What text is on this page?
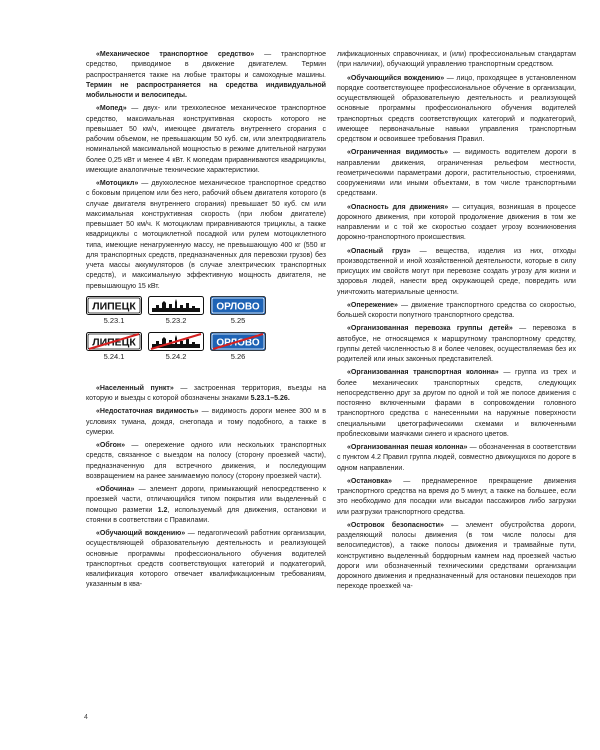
«Механическое транспортное средство» — транспортное средство, приводимое в движение двигателем. Термин распространяется также на любые тракторы и самоходные машины. Термин не распространяется на средства индивидуальной мобильности и велосипеды.

«Мопед» — двух- или трехколесное механическое транспортное средство, максимальная конструктивная скорость которого не превышает 50 км/ч, имеющее двигатель внутреннего сгорания с рабочим объемом, не превышающим 50 куб. см, или электродвигатель номинальной максимальной мощностью в режиме длительной нагрузки более 0,25 кВт и менее 4 кВт. К мопедам приравниваются квадрициклы, имеющие аналогичные технические характеристики.

«Мотоцикл» — двухколесное механическое транспортное средство с боковым прицепом или без него, рабочий объем двигателя которого (в случае двигателя внутреннего сгорания) превышает 50 куб. см или максимальная конструктивная скорость (при любом двигателе) превышает 50 км/ч. К мотоциклам приравниваются трициклы, а также квадрициклы с мотоциклетной посадкой или рулем мотоциклетного типа, имеющие ненагруженную массу, не превышающую 400 кг (550 кг для транспортных средств, предназначенных для перевозки грузов) без учета массы аккумуляторов (в случае электрических транспортных средств), и максимальную эффективную мощность двигателя, не превышающую 15 кВт.

ЛИПЕЦК
5.23.1	5.23.2
ОРЛОВО
5.25
ЛИПЕЦК
5.24.1	5.24.2
ОРЛОВО
5.26

«Населенный пункт» — застроенная территория, въезды на которую и выезды с которой обозначены знаками 5.23.1–5.26.

«Недостаточная видимость» — видимость дороги менее 300 м в условиях тумана, дождя, снегопада и тому подобного, а также в сумерки.

«Обгон» — опережение одного или нескольких транспортных средств, связанное с выездом на полосу (сторону проезжей части), предназначенную для встречного движения, и последующим возвращением на ранее занимаемую полосу (сторону проезжей части).

«Обочина» — элемент дороги, примыкающий непосредственно к проезжей части, отличающийся типом покрытия или выделенный с помощью разметки 1.2, используемый для движения, остановки и стоянки в соответствии с Правилами.

«Обучающий вождению» — педагогический работник организации, осуществляющей образовательную деятельность и реализующей основные программы профессионального обучения водителей транспортных средств соответствующих категорий и подкатегорий, квалификация которого отвечает квалификационным требованиям, указанным в ква-

лификационных справочниках, и (или) профессиональным стандартам (при наличии), обучающий управлению транспортным средством.

«Обучающийся вождению» — лицо, проходящее в установленном порядке соответствующее профессиональное обучение в организации, осуществляющей образовательную деятельность и реализующей основные программы профессионального обучения водителей транспортных средств соответствующих категорий и подкатегорий, имеющее первоначальные навыки управления транспортным средством и освоившее требования Правил.

«Ограниченная видимость» — видимость водителем дороги в направлении движения, ограниченная рельефом местности, геометрическими параметрами дороги, растительностью, строениями, сооружениями или иными объектами, в том числе транспортными средствами.

«Опасность для движения» — ситуация, возникшая в процессе дорожного движения, при которой продолжение движения в том же направлении и с той же скоростью создает угрозу возникновения дорожно-транспортного происшествия.

«Опасный груз» — вещества, изделия из них, отходы производственной и иной хозяйственной деятельности, которые в силу присущих им свойств могут при перевозке создать угрозу для жизни и здоровья людей, нанести вред окружающей среде, повредить или уничтожить материальные ценности.

«Опережение» — движение транспортного средства со скоростью, большей скорости попутного транспортного средства.

«Организованная перевозка группы детей» — перевозка в автобусе, не относящемся к маршрутному транспортному средству, группы детей численностью 8 и более человек, осуществляемая без их родителей или иных законных представителей.

«Организованная транспортная колонна» — группа из трех и более механических транспортных средств, следующих непосредственно друг за другом по одной и той же полосе движения с постоянно включенными фарами в сопровождении головного транспортного средства с нанесенными на наружные поверхности специальными цветографическими схемами и включенными проблесковыми маячками синего и красного цветов.

«Организованная пешая колонна» — обозначенная в соответствии с пунктом 4.2 Правил группа людей, совместно движущихся по дороге в одном направлении.

«Остановка» — преднамеренное прекращение движения транспортного средства на время до 5 минут, а также на большее, если это необходимо для посадки или высадки пассажиров либо загрузки или разгрузки транспортного средства.

«Островок безопасности» — элемент обустройства дороги, разделяющий полосы движения (в том числе полосы для велосипедистов), а также полосы движения и трамвайные пути, конструктивно выделенный бордюрным камнем над проезжей частью дороги или обозначенный техническими средствами организации дорожного движения и предназначенный для остановки пешеходов при переходе проезжей ча-

4
